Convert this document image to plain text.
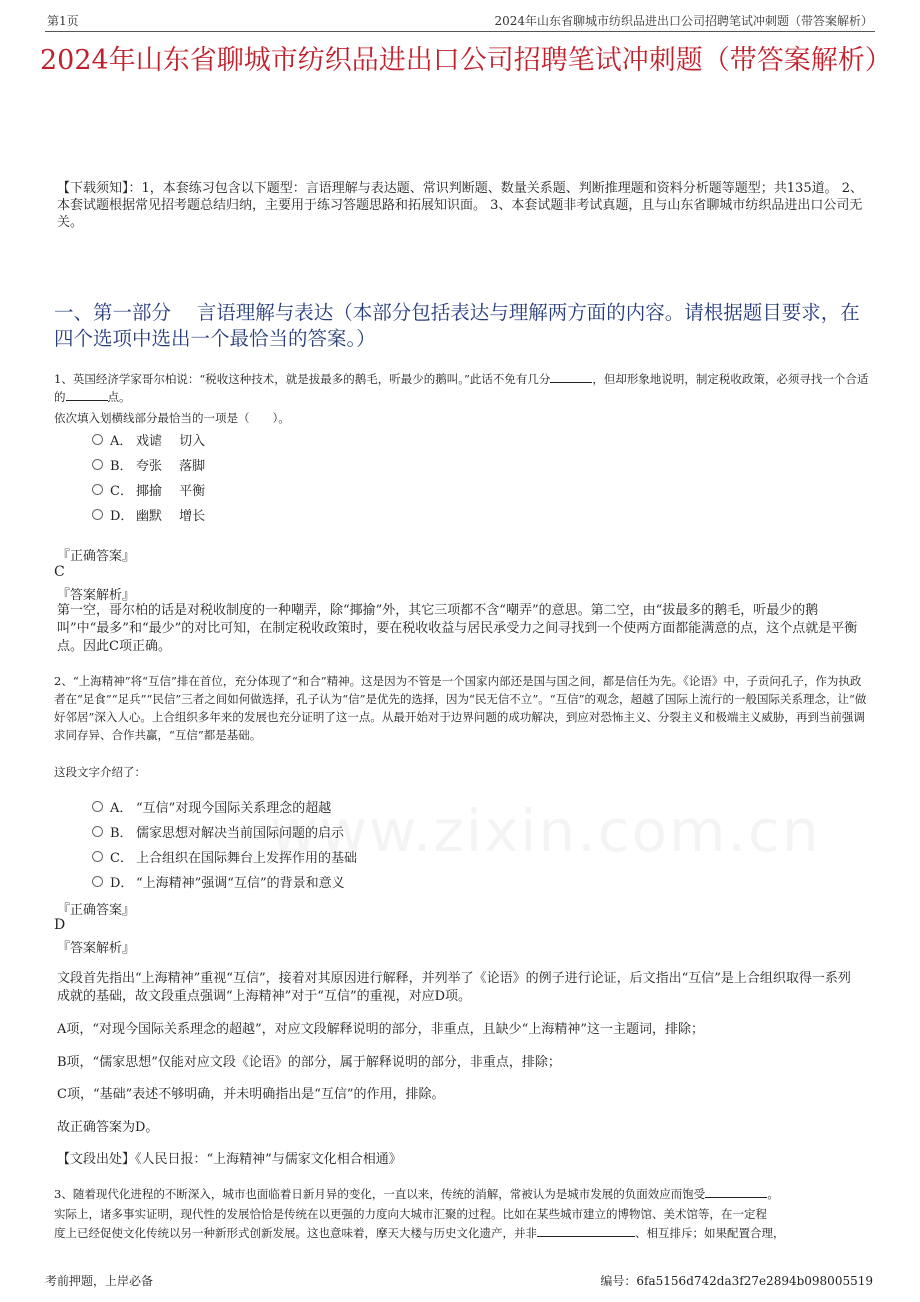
第1页	2024年山东省聊城市纺织品进出口公司招聘笔试冲刺题（带答案解析）
2024年山东省聊城市纺织品进出口公司招聘笔试冲刺题（带答案解析）
【下载须知】：1，本套练习包含以下题型：言语理解与表达题、常识判断题、数量关系题、判断推理题和资料分析题等题型；共135道。 2、本套试题根据常见招考题总结归纳，主要用于练习答题思路和拓展知识面。 3、本套试题非考试真题，且与山东省聊城市纺织品进出口公司无关。
一、第一部分　 言语理解与表达（本部分包括表达与理解两方面的内容。请根据题目要求，在四个选项中选出一个最恰当的答案。）
1、英国经济学家哥尔柏说：“税收这种技术，就是拔最多的鹅毛，听最少的鹅叫。”此话不免有几分	，但却形象地说明，制定税收政策，必须寻找一个合适的	点。
依次填入划横线部分最恰当的一项是（　　）。
A． 戏谑　 切入
B． 夸张　 落脚
C． 揶揄　 平衡
D． 幽默　 增长
『正确答案』
C
『答案解析』
第一空，哥尔柏的话是对税收制度的一种嘲弄，除“揶揄”外，其它三项都不含“嘲弄”的意思。第二空，由“拔最多的鹅毛，听最少的鹅叫”中“最多”和“最少”的对比可知，在制定税收政策时，要在税收收益与居民承受力之间寻找到一个使两方面都能满意的点，这个点就是平衡点。因此C项正确。
2、“上海精神”将“互信”排在首位，充分体现了“和合”精神。这是因为不管是一个国家内部还是国与国之间，都是信任为先。《论语》中，子贡问孔子，作为执政者在“足食”“足兵”“民信”三者之间如何做选择，孔子认为“信”是优先的选择，因为“民无信不立”。“互信”的观念，超越了国际上流行的一般国际关系理念，让“做好邻居”深入人心。上合组织多年来的发展也充分证明了这一点。从最开始对于边界问题的成功解决，到应对恐怖主义、分裂主义和极端主义威胁，再到当前强调求同存异、合作共赢，“互信”都是基础。
这段文字介绍了：
A． “互信”对现今国际关系理念的超越
B． 儒家思想对解决当前国际问题的启示
C． 上合组织在国际舞台上发挥作用的基础
D． “上海精神”强调“互信”的背景和意义
『正确答案』
D
『答案解析』
文段首先指出“上海精神”重视“互信”，接着对其原因进行解释，并列举了《论语》的例子进行论证，后文指出“互信”是上合组织取得一系列成就的基础，故文段重点强调“上海精神”对于“互信”的重视，对应D项。
A项，“对现今国际关系理念的超越”，对应文段解释说明的部分，非重点，且缺少“上海精神”这一主题词，排除；
B项，“儒家思想”仅能对应文段《论语》的部分，属于解释说明的部分，非重点，排除；
C项，“基础”表述不够明确，并未明确指出是“互信”的作用，排除。
故正确答案为D。
【文段出处】《人民日报：“上海精神”与儒家文化相合相通》
3、随着现代化进程的不断深入，城市也面临着日新月异的变化，一直以来，传统的消解，常被认为是城市发展的负面效应而饱受	。
实际上，诸多事实证明，现代性的发展恰恰是传统在以更强的力度向大城市汇聚的过程。比如在某些城市建立的博物馆、美术馆等，在一定程
度上已经促使文化传统以另一种新形式创新发展。这也意味着，摩天大楼与历史文化遗产，并非	、相互排斥；如果配置合理，
考前押题，上岸必备	编号：6fa5156d742da3f27e2894b098005519
